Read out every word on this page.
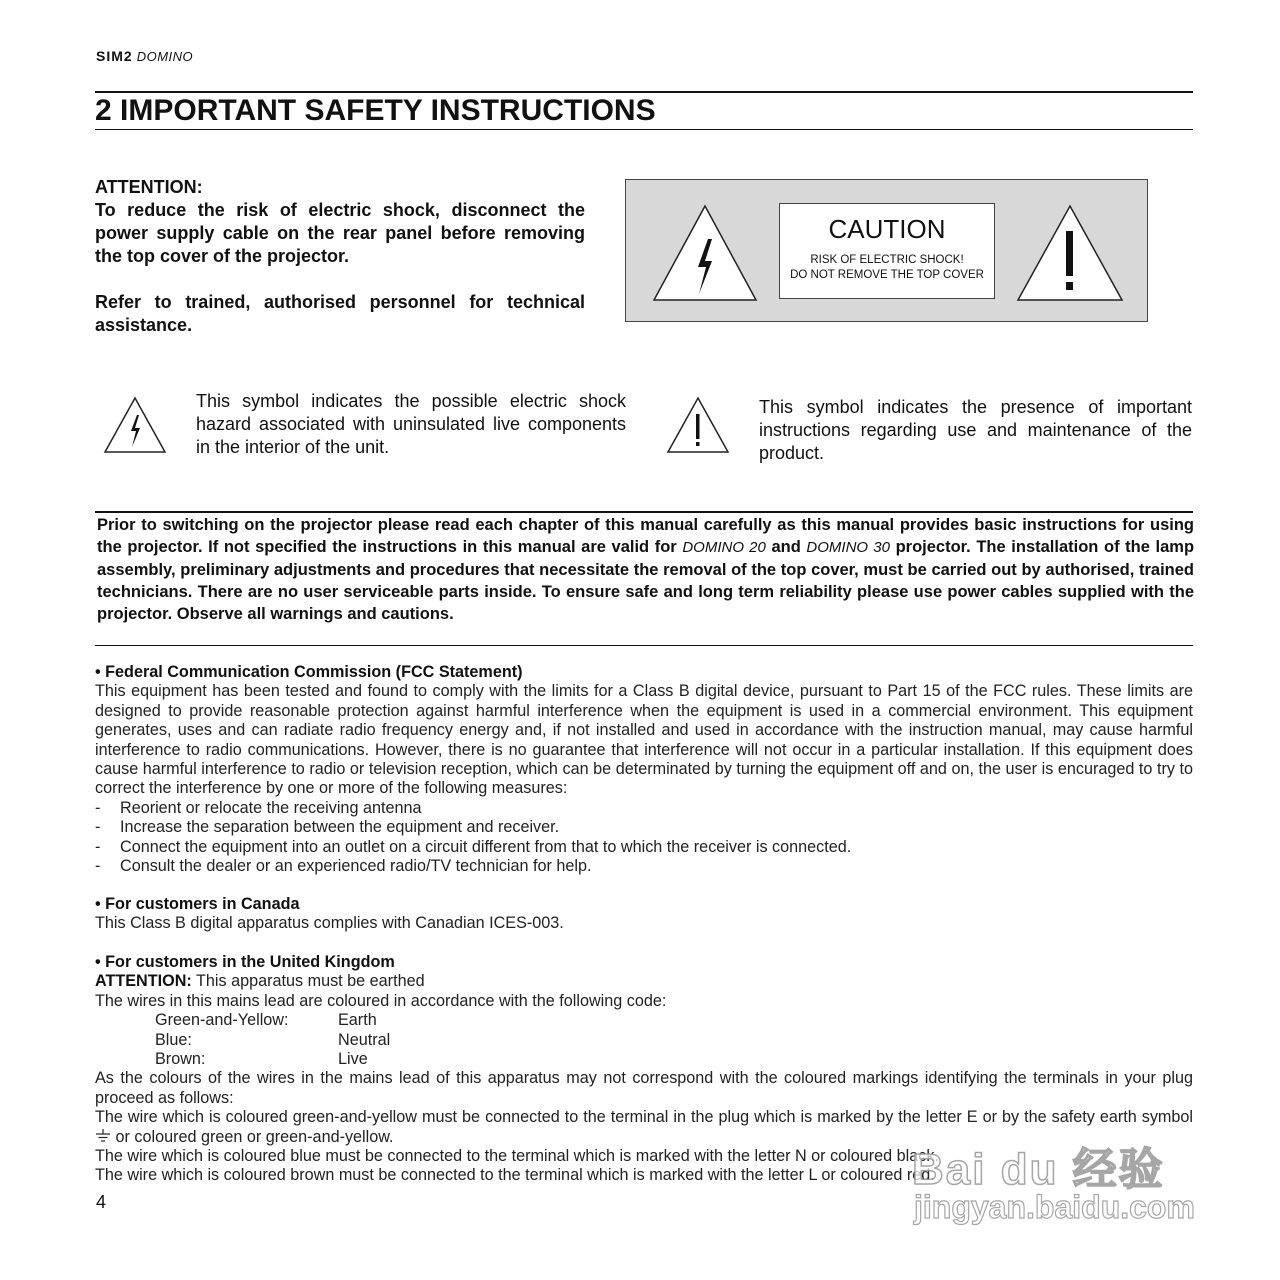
SIM2 DOMINO
2 IMPORTANT SAFETY INSTRUCTIONS

ATTENTION:

To reduce the risk of electric shock, disconnect the power supply cable on the rear panel before removing the top cover of the projector.

Refer to trained, authorised personnel for technical assistance.

CAUTION
RISK OF ELECTRIC SHOCK!
DO NOT REMOVE THE TOP COVER
This symbol indicates the possible electric shock hazard associated with uninsulated live components in the interior of the unit.
This symbol indicates the presence of important instructions regarding use and maintenance of the product.
Prior to switching on the projector please read each chapter of this manual carefully as this manual provides basic instructions for using the projector. If not specified the instructions in this manual are valid for DOMINO 20 and DOMINO 30 projector. The installation of the lamp assembly, preliminary adjustments and procedures that necessitate the removal of the top cover, must be carried out by authorised, trained technicians. There are no user serviceable parts inside. To ensure safe and long term reliability please use power cables supplied with the projector. Observe all warnings and cautions.
• Federal Communication Commission (FCC Statement)

This equipment has been tested and found to comply with the limits for a Class B digital device, pursuant to Part 15 of the FCC rules. These limits are designed to provide reasonable protection against harmful interference when the equipment is used in a commercial environment. This equipment generates, uses and can radiate radio frequency energy and, if not installed and used in accordance with the instruction manual, may cause harmful interference to radio communications. However, there is no guarantee that interference will not occur in a particular installation. If this equipment does cause harmful interference to radio or television reception, which can be determinated by turning the equipment off and on, the user is encuraged to try to correct the interference by one or more of the following measures:

-	Reorient or relocate the receiving antenna
-	Increase the separation between the equipment and receiver.
-	Connect the equipment into an outlet on a circuit different from that to which the receiver is connected.
-	Consult the dealer or an experienced radio/TV technician for help.
• For customers in Canada

This Class B digital apparatus complies with Canadian ICES-003.

• For customers in the United Kingdom
ATTENTION: This apparatus must be earthed

The wires in this mains lead are coloured in accordance with the following code:

Green-and-Yellow:	Earth
Blue:	Neutral
Brown:	Live

As the colours of the wires in the mains lead of this apparatus may not correspond with the coloured markings identifying the terminals in your plug proceed as follows:

The wire which is coloured green-and-yellow must be connected to the terminal in the plug which is marked by the letter E or by the safety earth symbol  or coloured green or green-and-yellow.

The wire which is coloured blue must be connected to the terminal which is marked with the letter N or coloured black.

The wire which is coloured brown must be connected to the terminal which is marked with the letter L or coloured red.

4
Bai du 经验
jingyan.baidu.com
